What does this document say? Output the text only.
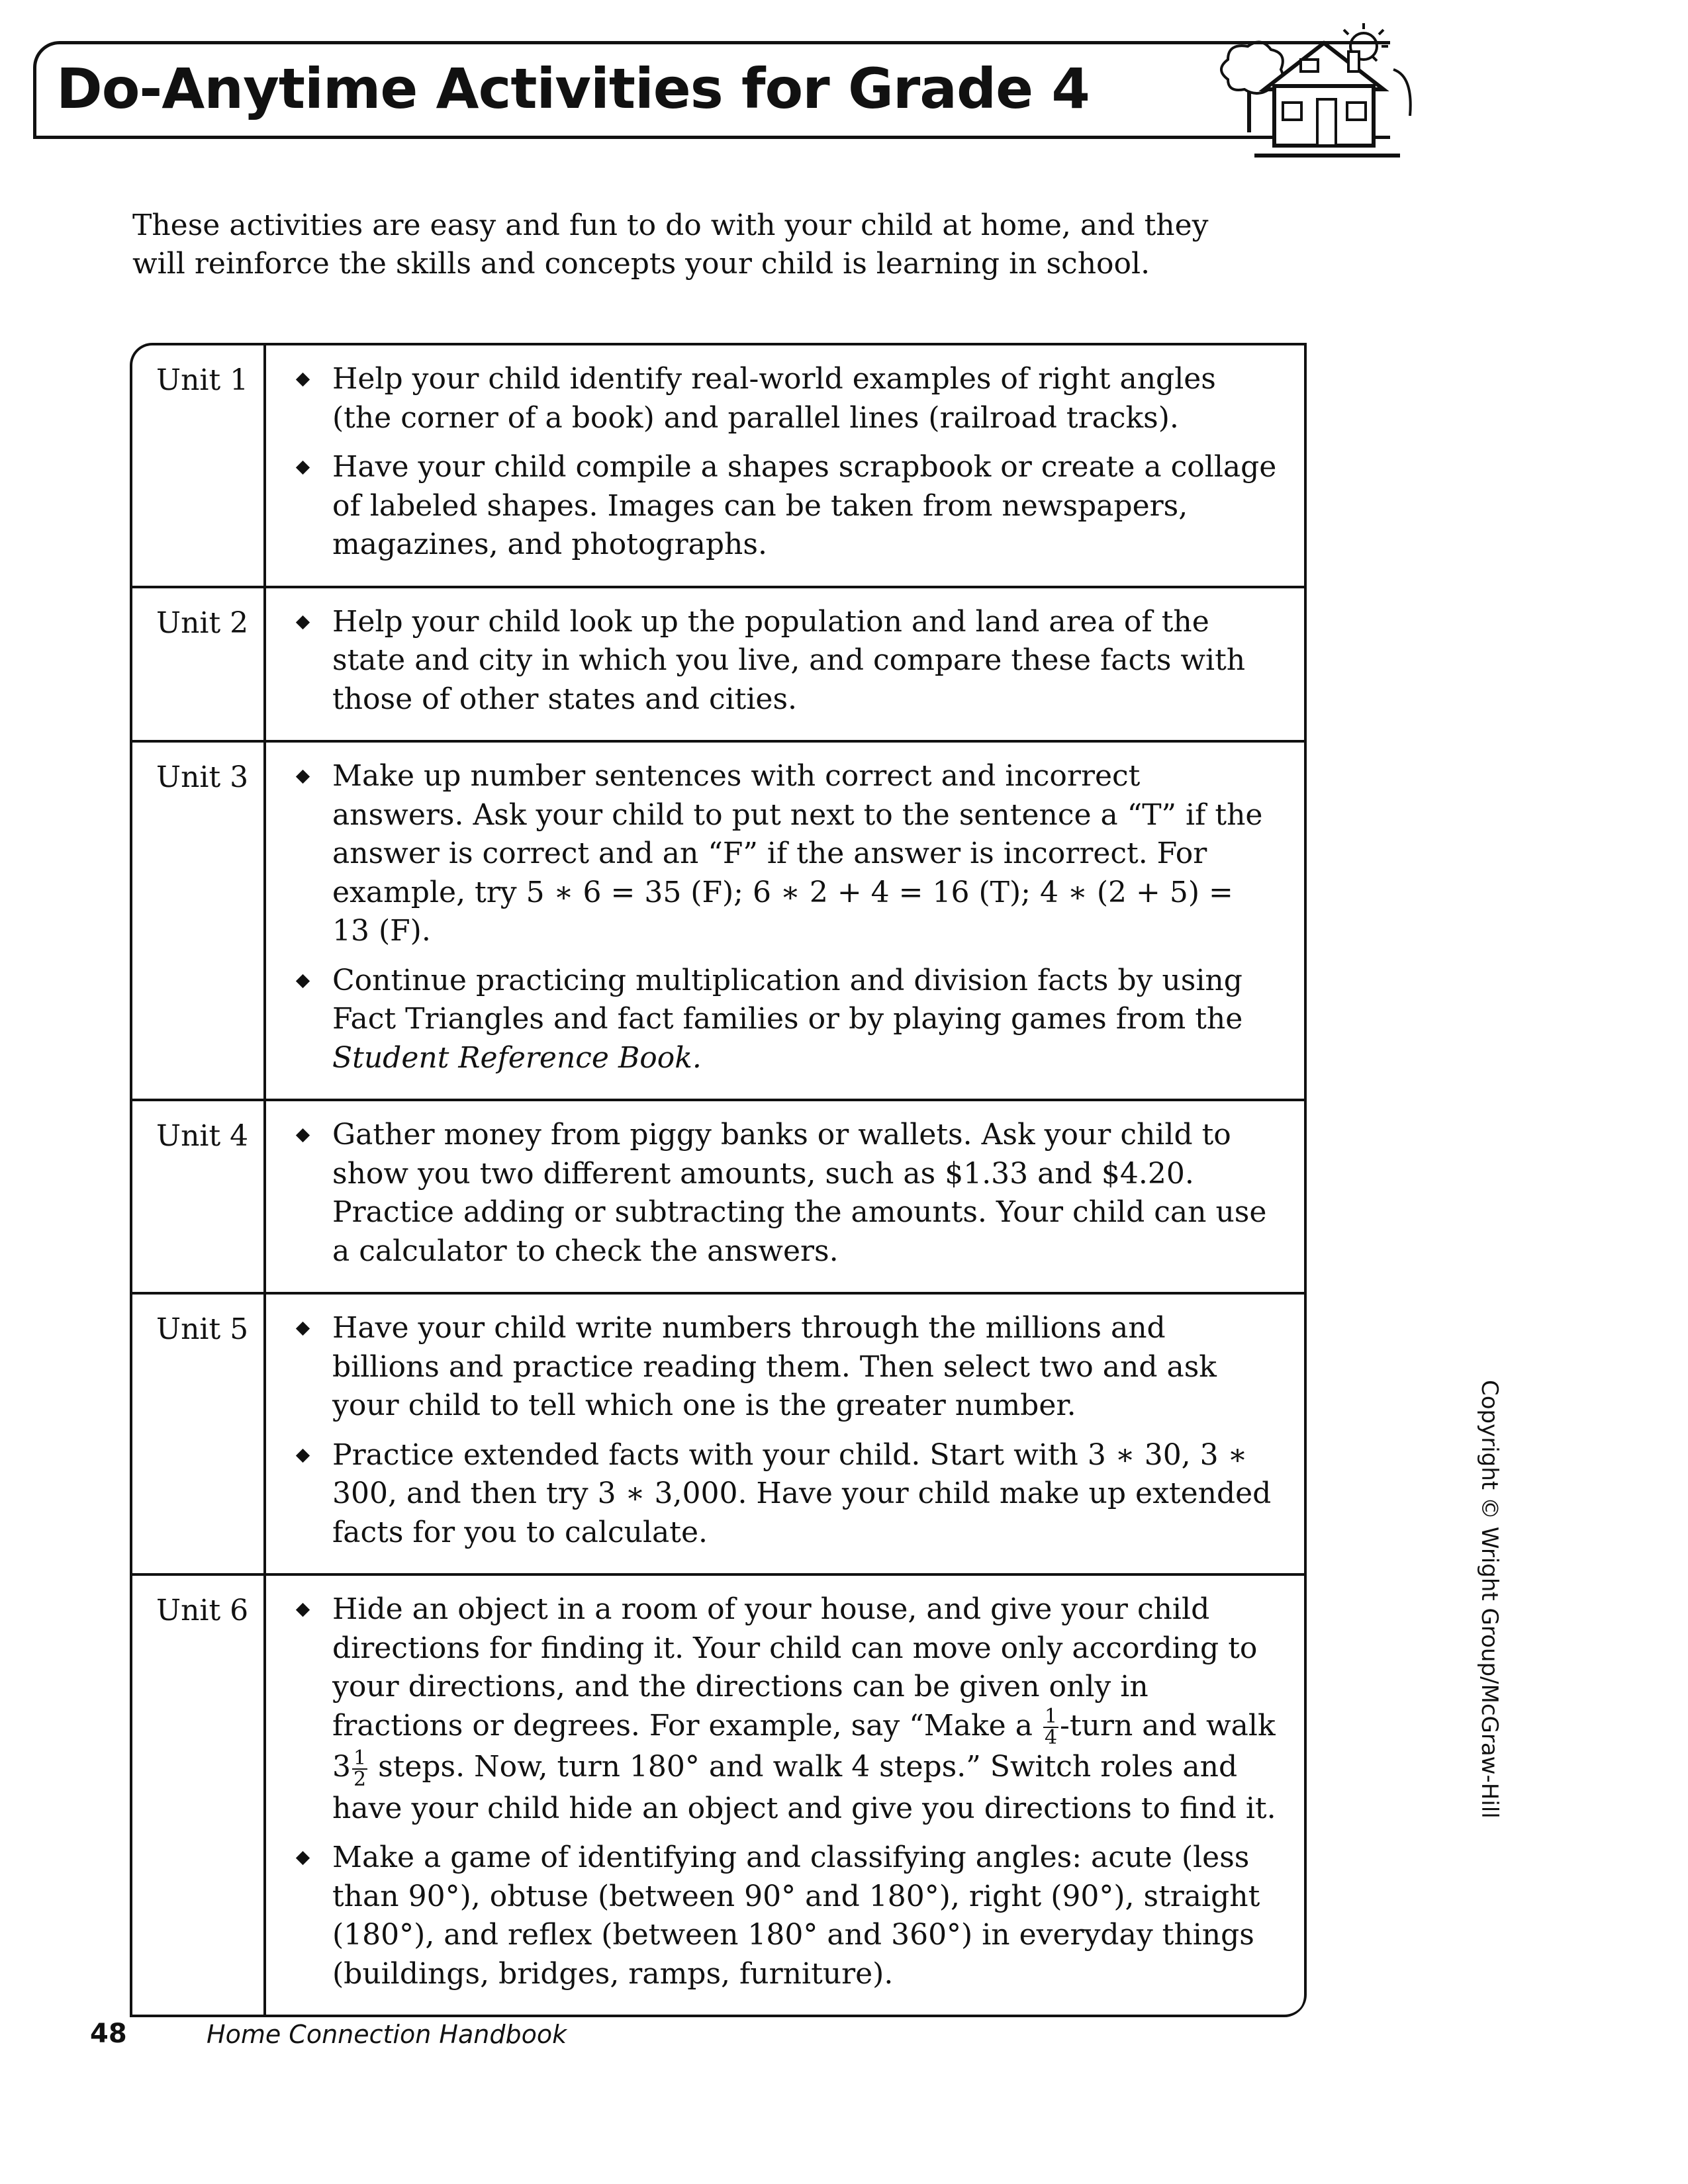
Do-Anytime Activities for Grade 4
These activities are easy and fun to do with your child at home, and they will reinforce the skills and concepts your child is learning in school.
Unit 1	Help your child identify real-world examples of right angles (the corner of a book) and parallel lines (railroad tracks).
Have your child compile a shapes scrapbook or create a collage of labeled shapes. Images can be taken from newspapers, magazines, and photographs.
Unit 2	Help your child look up the population and land area of the state and city in which you live, and compare these facts with those of other states and cities.
Unit 3	Make up number sentences with correct and incorrect answers. Ask your child to put next to the sentence a “T” if the answer is correct and an “F” if the answer is incorrect. For example, try 5 ∗ 6 = 35 (F); 6 ∗ 2 + 4 = 16 (T); 4 ∗ (2 + 5) = 13 (F).
Continue practicing multiplication and division facts by using Fact Triangles and fact families or by playing games from the Student Reference Book.
Unit 4	Gather money from piggy banks or wallets. Ask your child to show you two different amounts, such as $1.33 and $4.20. Practice adding or subtracting the amounts. Your child can use a calculator to check the answers.
Unit 5	Have your child write numbers through the millions and billions and practice reading them. Then select two and ask your child to tell which one is the greater number.
Practice extended facts with your child. Start with 3 ∗ 30, 3 ∗ 300, and then try 3 ∗ 3,000. Have your child make up extended facts for you to calculate.
Unit 6	Hide an object in a room of your house, and give your child directions for finding it. Your child can move only according to your directions, and the directions can be given only in fractions or degrees. For example, say “Make a $\frac{1}{4}$ -turn and walk $3 \frac{1}{2}$ steps. Now, turn 180° and walk 4 steps.” Switch roles and have your child hide an object and give you directions to find it.
Make a game of identifying and classifying angles: acute (less than 90°), obtuse (between 90° and 180°), right (90°), straight (180°), and reflex (between 180° and 360°) in everyday things (buildings, bridges, ramps, furniture).
Copyright © Wright Group/McGraw-Hill
48	Home Connection Handbook
